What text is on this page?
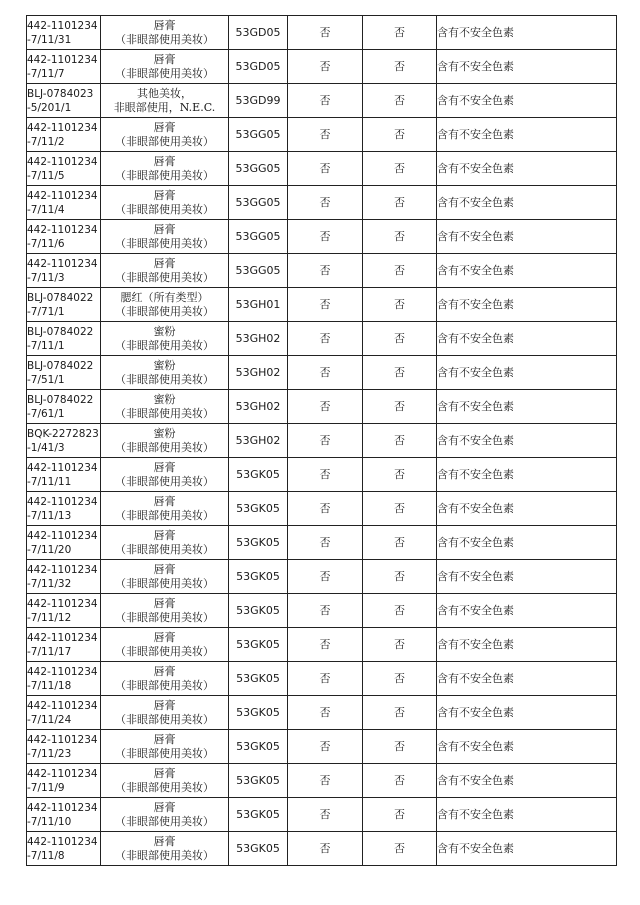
442-1101234
-7/11/31	唇膏
（非眼部使用美妆）	53GD05	否	否	含有不安全色素

442-1101234
-7/11/7	唇膏
（非眼部使用美妆）	53GD05	否	否	含有不安全色素

BLJ-0784023
-5/201/1	其他美妆，
非眼部使用，N.E.C.	53GD99	否	否	含有不安全色素

442-1101234
-7/11/2	唇膏
（非眼部使用美妆）	53GG05	否	否	含有不安全色素

442-1101234
-7/11/5	唇膏
（非眼部使用美妆）	53GG05	否	否	含有不安全色素

442-1101234
-7/11/4	唇膏
（非眼部使用美妆）	53GG05	否	否	含有不安全色素

442-1101234
-7/11/6	唇膏
（非眼部使用美妆）	53GG05	否	否	含有不安全色素

442-1101234
-7/11/3	唇膏
（非眼部使用美妆）	53GG05	否	否	含有不安全色素

BLJ-0784022
-7/71/1	腮红（所有类型）
（非眼部使用美妆）	53GH01	否	否	含有不安全色素

BLJ-0784022
-7/11/1	蜜粉
（非眼部使用美妆）	53GH02	否	否	含有不安全色素

BLJ-0784022
-7/51/1	蜜粉
（非眼部使用美妆）	53GH02	否	否	含有不安全色素

BLJ-0784022
-7/61/1	蜜粉
（非眼部使用美妆）	53GH02	否	否	含有不安全色素

BQK-2272823
-1/41/3	蜜粉
（非眼部使用美妆）	53GH02	否	否	含有不安全色素

442-1101234
-7/11/11	唇膏
（非眼部使用美妆）	53GK05	否	否	含有不安全色素

442-1101234
-7/11/13	唇膏
（非眼部使用美妆）	53GK05	否	否	含有不安全色素

442-1101234
-7/11/20	唇膏
（非眼部使用美妆）	53GK05	否	否	含有不安全色素

442-1101234
-7/11/32	唇膏
（非眼部使用美妆）	53GK05	否	否	含有不安全色素

442-1101234
-7/11/12	唇膏
（非眼部使用美妆）	53GK05	否	否	含有不安全色素

442-1101234
-7/11/17	唇膏
（非眼部使用美妆）	53GK05	否	否	含有不安全色素

442-1101234
-7/11/18	唇膏
（非眼部使用美妆）	53GK05	否	否	含有不安全色素

442-1101234
-7/11/24	唇膏
（非眼部使用美妆）	53GK05	否	否	含有不安全色素

442-1101234
-7/11/23	唇膏
（非眼部使用美妆）	53GK05	否	否	含有不安全色素

442-1101234
-7/11/9	唇膏
（非眼部使用美妆）	53GK05	否	否	含有不安全色素

442-1101234
-7/11/10	唇膏
（非眼部使用美妆）	53GK05	否	否	含有不安全色素

442-1101234
-7/11/8	唇膏
（非眼部使用美妆）	53GK05	否	否	含有不安全色素
